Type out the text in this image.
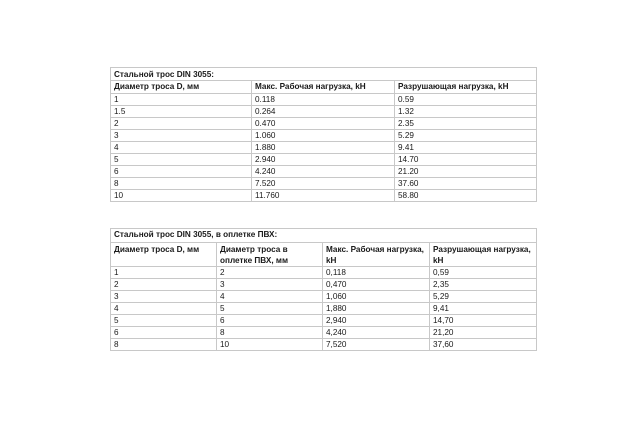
Стальной трос DIN 3055:		
Диаметр троса D, мм	Макс. Рабочая нагрузка, kH	Разрушающая нагрузка, kH
1	0.118	0.59
1.5	0.264	1.32
2	0.470	2.35
3	1.060	5.29
4	1.880	9.41
5	2.940	14.70
6	4.240	21.20
8	7.520	37.60
10	11.760	58.80
Стальной трос DIN 3055, в оплетке ПВХ:			
Диаметр троса D, мм	Диаметр троса в оплетке ПВХ, мм	Макс. Рабочая нагрузка, kH	Разрушающая нагрузка, kH
1	2	0,118	0,59
2	3	0,470	2,35
3	4	1,060	5,29
4	5	1,880	9,41
5	6	2,940	14,70
6	8	4,240	21,20
8	10	7,520	37,60
